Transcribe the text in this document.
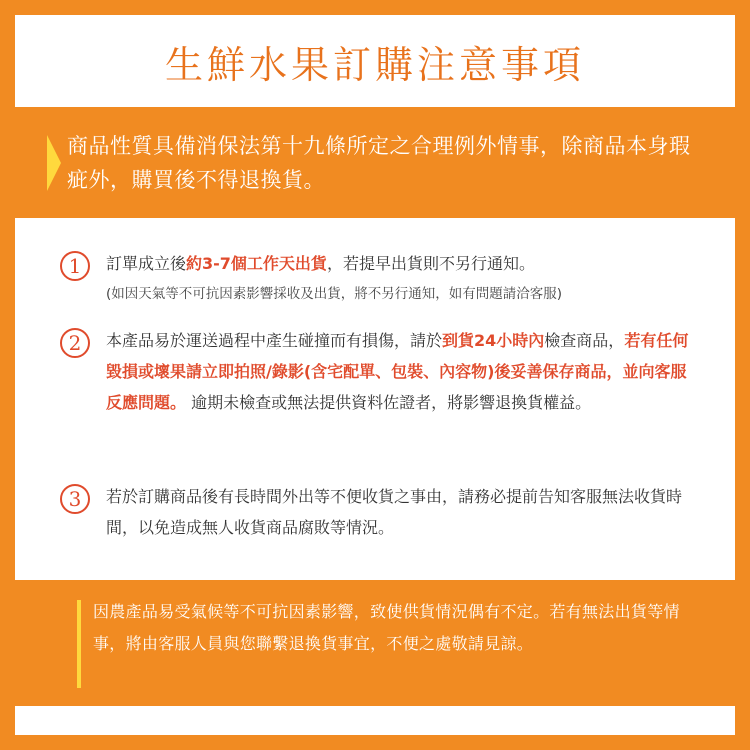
生鮮水果訂購注意事項
商品性質具備消保法第十九條所定之合理例外情事，除商品本身瑕疵外，購買後不得退換貨。
1	訂單成立後約3-7個工作天出貨，若提早出貨則不另行通知。
(如因天氣等不可抗因素影響採收及出貨，將不另行通知，如有問題請洽客服)
2	本產品易於運送過程中產生碰撞而有損傷，請於到貨24小時內檢查商品，若有任何毀損或壞果請立即拍照/錄影(含宅配單、包裝、內容物)後妥善保存商品，並向客服反應問題。 逾期未檢查或無法提供資料佐證者，將影響退換貨權益。
3	若於訂購商品後有長時間外出等不便收貨之事由，請務必提前告知客服無法收貨時間，以免造成無人收貨商品腐敗等情況。
因農產品易受氣候等不可抗因素影響，致使供貨情況偶有不定。若有無法出貨等情事，將由客服人員與您聯繫退換貨事宜，不便之處敬請見諒。
